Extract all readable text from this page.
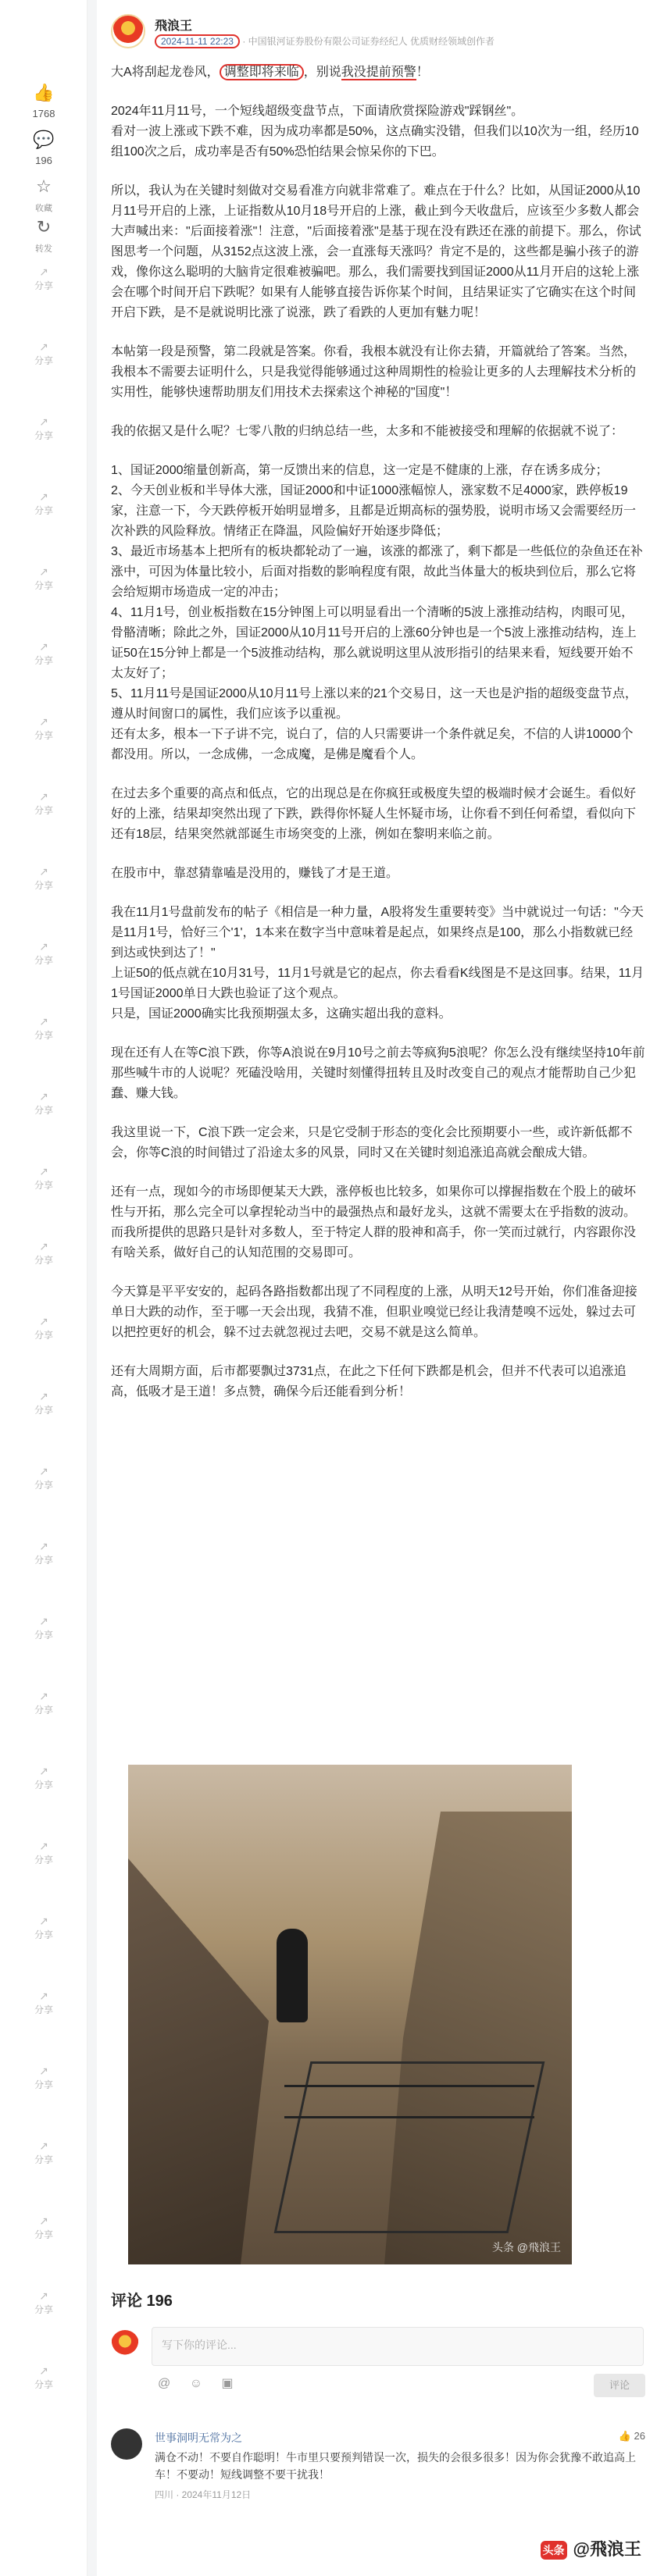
👍
1768
💬
196
☆
收藏
↻
转发
↗
分享
↗
分享
↗
分享
↗
分享
↗
分享
↗
分享
↗
分享
↗
分享
↗
分享
↗
分享
↗
分享
↗
分享
↗
分享
↗
分享
↗
分享
↗
分享
↗
分享
↗
分享
↗
分享
↗
分享
↗
分享
↗
分享
↗
分享
↗
分享
↗
分享
↗
分享
↗
分享
↗
分享
↗
分享
飛浪王
2024-11-11 22:23 · 中国银河证券股份有限公司证券经纪人 优质财经领域创作者

大A将刮起龙卷风， 调整即将来临 ，别说我没提前预警！

2024年11月11号，一个短线超级变盘节点，下面请欣赏探险游戏"踩钢丝"。
看对一波上涨或下跌不难，因为成功率都是50%，这点确实没错，但我们以10次为一组，经历10组100次之后，成功率是否有50%恐怕结果会惊呆你的下巴。

所以，我认为在关键时刻做对交易看准方向就非常难了。难点在于什么？比如，从国证2000从10月11号开启的上涨，上证指数从10月18号开启的上涨，截止到今天收盘后，应该至少多数人都会大声喊出来："后面接着涨"！注意，"后面接着涨"是基于现在没有跌还在涨的前提下。那么，你试图思考一个问题，从3152点这波上涨，会一直涨每天涨吗？肯定不是的，这些都是骗小孩子的游戏，像你这么聪明的大脑肯定很难被骗吧。那么，我们需要找到国证2000从11月开启的这轮上涨会在哪个时间开启下跌呢？如果有人能够直接告诉你某个时间，且结果证实了它确实在这个时间开启下跌，是不是就说明比涨了说涨，跌了看跌的人更加有魅力呢！

本帖第一段是预警，第二段就是答案。你看，我根本就没有让你去猜，开篇就给了答案。当然，我根本不需要去证明什么，只是我觉得能够通过这种周期性的检验让更多的人去理解技术分析的实用性，能够快速帮助朋友们用技术去探索这个神秘的"国度"！

我的依据又是什么呢？七零八散的归纳总结一些，太多和不能被接受和理解的依据就不说了：

1、国证2000缩量创新高，第一反馈出来的信息，这一定是不健康的上涨，存在诱多成分；
2、今天创业板和半导体大涨，国证2000和中证1000涨幅惊人，涨家数不足4000家，跌停板19家，注意一下，今天跌停板开始明显增多，且都是近期高标的强势股，说明市场又会需要经历一次补跌的风险释放。情绪正在降温，风险偏好开始逐步降低；
3、最近市场基本上把所有的板块都轮动了一遍，该涨的都涨了，剩下都是一些低位的杂鱼还在补涨中，可因为体量比较小，后面对指数的影响程度有限，故此当体量大的板块到位后，那么它将会给短期市场造成一定的冲击；
4、11月1号，创业板指数在15分钟图上可以明显看出一个清晰的5波上涨推动结构，肉眼可见，骨骼清晰；除此之外，国证2000从10月11号开启的上涨60分钟也是一个5波上涨推动结构，连上证50在15分钟上都是一个5波推动结构，那么就说明这里从波形指引的结果来看，短线要开始不太友好了；
5、11月11号是国证2000从10月11号上涨以来的21个交易日，这一天也是沪指的超级变盘节点，遵从时间窗口的属性，我们应该予以重视。
还有太多，根本一下子讲不完，说白了，信的人只需要讲一个条件就足矣，不信的人讲10000个都没用。所以，一念成佛，一念成魔，是佛是魔看个人。

在过去多个重要的高点和低点，它的出现总是在你疯狂或极度失望的极端时候才会诞生。看似好好的上涨，结果却突然出现了下跌，跌得你怀疑人生怀疑市场，让你看不到任何希望，看似向下还有18层，结果突然就部诞生市场突变的上涨，例如在黎明来临之前。

在股市中，靠怼猜靠嗑是没用的，赚钱了才是王道。

我在11月1号盘前发布的帖子《相信是一种力量，A股将发生重要转变》当中就说过一句话："今天是11月1号，恰好三个'1'，1本来在数字当中意味着是起点，如果终点是100，那么小指数就已经到达或快到达了！"
上证50的低点就在10月31号，11月1号就是它的起点，你去看看K线图是不是这回事。结果，11月1号国证2000单日大跌也验证了这个观点。
只是，国证2000确实比我预期强太多，这确实超出我的意料。

现在还有人在等C浪下跌，你等A浪说在9月10号之前去等疯狗5浪呢？你怎么没有继续坚持10年前那些喊牛市的人说呢？死磕没啥用，关键时刻懂得扭转且及时改变自己的观点才能帮助自己少犯蠢、赚大钱。

我这里说一下，C浪下跌一定会来，只是它受制于形态的变化会比预期要小一些，或许新低都不会，你等C浪的时间错过了沿途太多的风景，同时又在关键时刻追涨追高就会酿成大错。

还有一点，现如今的市场即便某天大跌，涨停板也比较多，如果你可以撑握指数在个股上的破坏性与开拓，那么完全可以拿捏轮动当中的最强热点和最好龙头，这就不需要太在乎指数的波动。而我所提供的思路只是针对多数人，至于特定人群的股神和高手，你一笑而过就行，内容跟你没有啥关系，做好自己的认知范围的交易即可。

今天算是平平安安的，起码各路指数都出现了不同程度的上涨，从明天12号开始，你们准备迎接单日大跌的动作，至于哪一天会出现，我猜不准，但职业嗅觉已经让我清楚嗅不远处，躲过去可以把控更好的机会，躲不过去就忽视过去吧，交易不就是这么简单。

还有大周期方面，后市都要飘过3731点，在此之下任何下跌都是机会，但并不代表可以追涨追高，低吸才是王道！多点赞，确保今后还能看到分析！

头条 @飛浪王
评论 196
写下你的评论...
@ ☺ ▣	评论
世事洞明无常为之	👍 26
满仓不动！不要自作聪明！牛市里只要预判错误一次，损失的会很多很多！因为你会犹豫不敢追高上车！不要动！短线调整不要干扰我！
四川 · 2024年11月12日
头条 @飛浪王
